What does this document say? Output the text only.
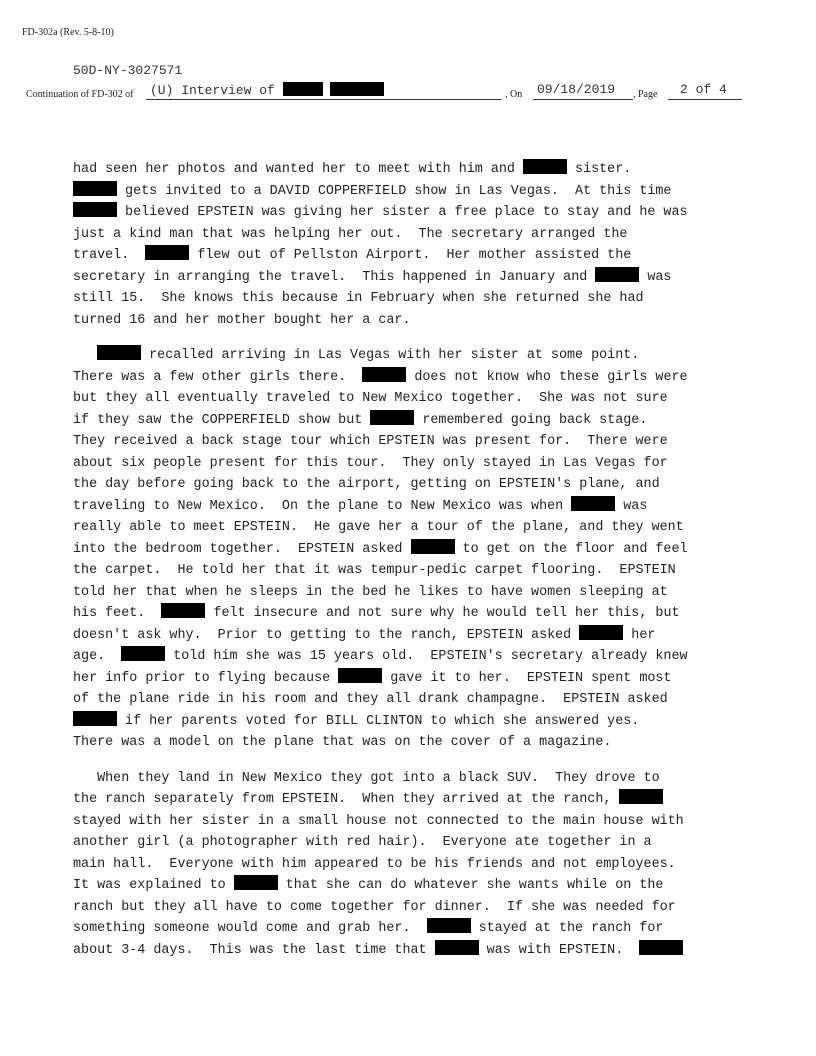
FD-302a (Rev. 5-8-10)
50D-NY-3027571
Continuation of FD-302 of (U) Interview of	, On 09/18/2019 , Page 2 of 4
had seen her photos and wanted her to meet with him and	sister.
gets invited to a DAVID COPPERFIELD show in Las Vegas.  At this time
believed EPSTEIN was giving her sister a free place to stay and he was
just a kind man that was helping her out.  The secretary arranged the
travel.	flew out of Pellston Airport.  Her mother assisted the
secretary in arranging the travel.  This happened in January and	was
still 15.  She knows this because in February when she returned she had
turned 16 and her mother bought her a car.
recalled arriving in Las Vegas with her sister at some point.
There was a few other girls there.	does not know who these girls were
but they all eventually traveled to New Mexico together.  She was not sure
if they saw the COPPERFIELD show but	remembered going back stage.
They received a back stage tour which EPSTEIN was present for.  There were
about six people present for this tour.  They only stayed in Las Vegas for
the day before going back to the airport, getting on EPSTEIN's plane, and
traveling to New Mexico.  On the plane to New Mexico was when	was
really able to meet EPSTEIN.  He gave her a tour of the plane, and they went
into the bedroom together.  EPSTEIN asked	to get on the floor and feel
the carpet.  He told her that it was tempur-pedic carpet flooring.  EPSTEIN
told her that when he sleeps in the bed he likes to have women sleeping at
his feet.	felt insecure and not sure why he would tell her this, but
doesn't ask why.  Prior to getting to the ranch, EPSTEIN asked	her
age.	told him she was 15 years old.  EPSTEIN's secretary already knew
her info prior to flying because	gave it to her.  EPSTEIN spent most
of the plane ride in his room and they all drank champagne.  EPSTEIN asked
if her parents voted for BILL CLINTON to which she answered yes.
There was a model on the plane that was on the cover of a magazine.
When they land in New Mexico they got into a black SUV.  They drove to
the ranch separately from EPSTEIN.  When they arrived at the ranch,
stayed with her sister in a small house not connected to the main house with
another girl (a photographer with red hair).  Everyone ate together in a
main hall.  Everyone with him appeared to be his friends and not employees.
It was explained to	that she can do whatever she wants while on the
ranch but they all have to come together for dinner.  If she was needed for
something someone would come and grab her.	stayed at the ranch for
about 3-4 days.  This was the last time that	was with EPSTEIN.
